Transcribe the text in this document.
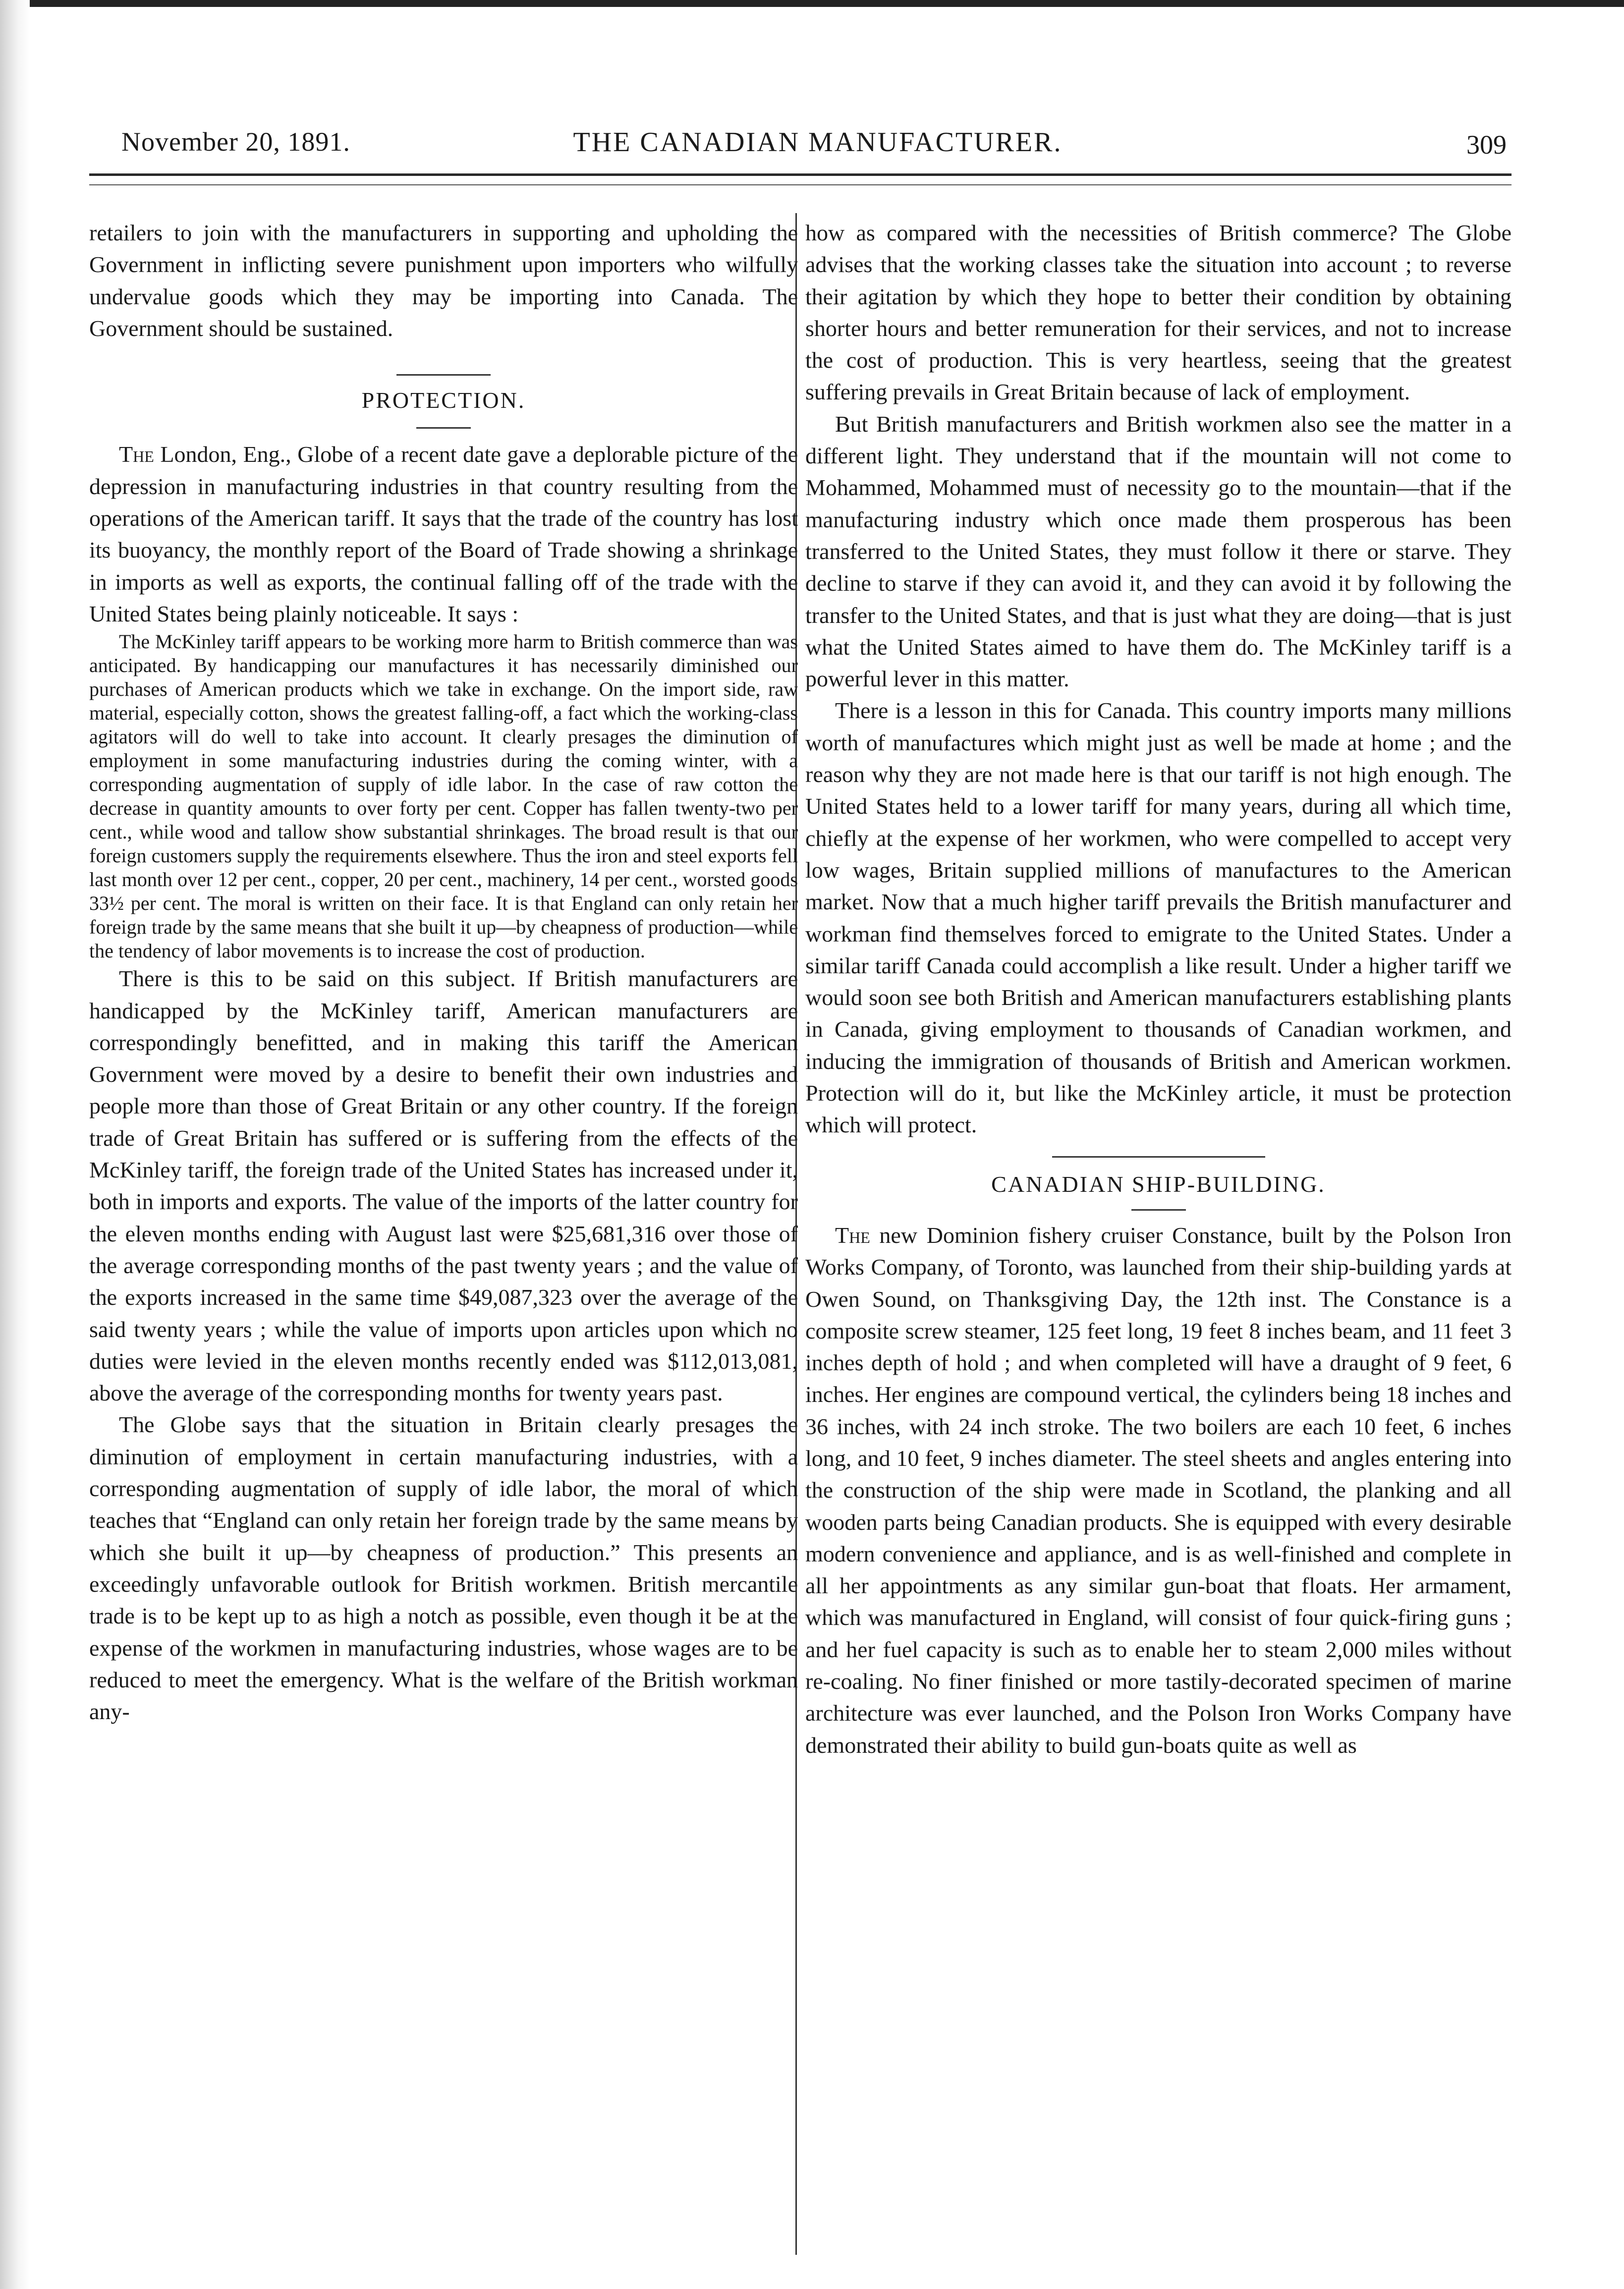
November 20, 1891.	THE CANADIAN MANUFACTURER.	309

retailers to join with the manufacturers in supporting and upholding the Government in inflicting severe punishment upon importers who wilfully undervalue goods which they may be importing into Canada. The Government should be sustained.

PROTECTION.

The London, Eng., Globe of a recent date gave a deplorable picture of the depression in manufacturing industries in that country resulting from the operations of the American tariff. It says that the trade of the country has lost its buoyancy, the monthly report of the Board of Trade showing a shrinkage in imports as well as exports, the continual falling off of the trade with the United States being plainly noticeable. It says :

The McKinley tariff appears to be working more harm to British commerce than was anticipated. By handicapping our manufactures it has necessarily diminished our purchases of American products which we take in exchange. On the import side, raw material, especially cotton, shows the greatest falling-off, a fact which the working-class agitators will do well to take into account. It clearly presages the diminution of employment in some manufacturing industries during the coming winter, with a corresponding augmentation of supply of idle labor. In the case of raw cotton the decrease in quantity amounts to over forty per cent. Copper has fallen twenty-two per cent., while wood and tallow show substantial shrinkages. The broad result is that our foreign customers supply the requirements elsewhere. Thus the iron and steel exports fell last month over 12 per cent., copper, 20 per cent., machinery, 14 per cent., worsted goods 33½ per cent. The moral is written on their face. It is that England can only retain her foreign trade by the same means that she built it up—by cheapness of production—while the tendency of labor movements is to increase the cost of production.

There is this to be said on this subject. If British manufacturers are handicapped by the McKinley tariff, American manufacturers are correspondingly benefitted, and in making this tariff the American Government were moved by a desire to benefit their own industries and people more than those of Great Britain or any other country. If the foreign trade of Great Britain has suffered or is suffering from the effects of the McKinley tariff, the foreign trade of the United States has increased under it, both in imports and exports. The value of the imports of the latter country for the eleven months ending with August last were $25,681,316 over those of the average corresponding months of the past twenty years ; and the value of the exports increased in the same time $49,087,323 over the average of the said twenty years ; while the value of imports upon articles upon which no duties were levied in the eleven months recently ended was $112,013,081, above the average of the corresponding months for twenty years past.

The Globe says that the situation in Britain clearly presages the diminution of employment in certain manufacturing industries, with a corresponding augmentation of supply of idle labor, the moral of which teaches that “England can only retain her foreign trade by the same means by which she built it up—by cheapness of production.” This presents an exceedingly unfavorable outlook for British workmen. British mercantile trade is to be kept up to as high a notch as possible, even though it be at the expense of the workmen in manufacturing industries, whose wages are to be reduced to meet the emergency. What is the welfare of the British workman any-

how as compared with the necessities of British commerce? The Globe advises that the working classes take the situation into account ; to reverse their agitation by which they hope to better their condition by obtaining shorter hours and better remuneration for their services, and not to increase the cost of production. This is very heartless, seeing that the greatest suffering prevails in Great Britain because of lack of employment.

But British manufacturers and British workmen also see the matter in a different light. They understand that if the mountain will not come to Mohammed, Mohammed must of necessity go to the mountain—that if the manufacturing industry which once made them prosperous has been transferred to the United States, they must follow it there or starve. They decline to starve if they can avoid it, and they can avoid it by following the transfer to the United States, and that is just what they are doing—that is just what the United States aimed to have them do. The McKinley tariff is a powerful lever in this matter.

There is a lesson in this for Canada. This country imports many millions worth of manufactures which might just as well be made at home ; and the reason why they are not made here is that our tariff is not high enough. The United States held to a lower tariff for many years, during all which time, chiefly at the expense of her workmen, who were compelled to accept very low wages, Britain supplied millions of manufactures to the American market. Now that a much higher tariff prevails the British manufacturer and workman find themselves forced to emigrate to the United States. Under a similar tariff Canada could accomplish a like result. Under a higher tariff we would soon see both British and American manufacturers establishing plants in Canada, giving employment to thousands of Canadian workmen, and inducing the immigration of thousands of British and American workmen. Protection will do it, but like the McKinley article, it must be protection which will protect.

CANADIAN SHIP-BUILDING.

The new Dominion fishery cruiser Constance, built by the Polson Iron Works Company, of Toronto, was launched from their ship-building yards at Owen Sound, on Thanksgiving Day, the 12th inst. The Constance is a composite screw steamer, 125 feet long, 19 feet 8 inches beam, and 11 feet 3 inches depth of hold ; and when completed will have a draught of 9 feet, 6 inches. Her engines are compound vertical, the cylinders being 18 inches and 36 inches, with 24 inch stroke. The two boilers are each 10 feet, 6 inches long, and 10 feet, 9 inches diameter. The steel sheets and angles entering into the construction of the ship were made in Scotland, the planking and all wooden parts being Canadian products. She is equipped with every desirable modern convenience and appliance, and is as well-finished and complete in all her appointments as any similar gun-boat that floats. Her armament, which was manufactured in England, will consist of four quick-firing guns ; and her fuel capacity is such as to enable her to steam 2,000 miles without re-coaling. No finer finished or more tastily-decorated specimen of marine architecture was ever launched, and the Polson Iron Works Company have demonstrated their ability to build gun-boats quite as well as
